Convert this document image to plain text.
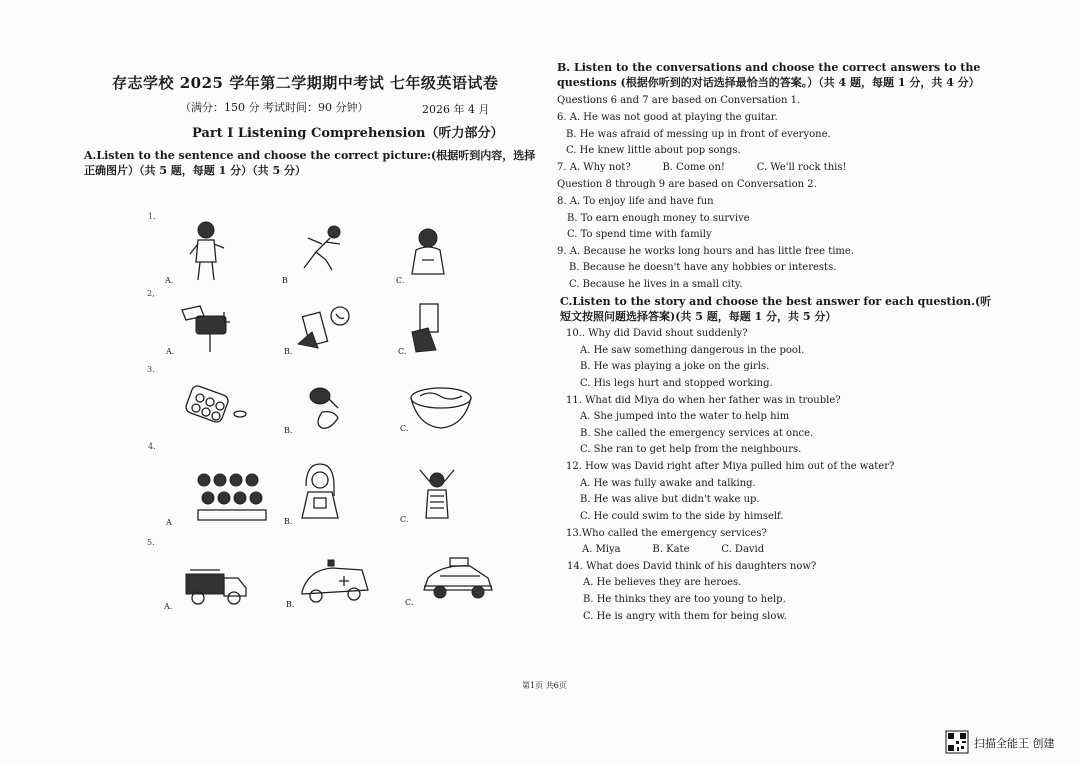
存志学校 2025 学年第二学期期中考试 七年级英语试卷
（满分：150 分 考试时间：90 分钟）	2026 年 4 月
Part I Listening Comprehension（听力部分）
A.Listen to the sentence and choose the correct picture:(根据听到内容，选择正确图片）（共 5 题，每题 1 分）（共 5 分）
1.
A.	B	C.
2,
A.	B.	C.
3.
B.	C.
4.
A	B.	C.
5.
A.	B.	C.
B. Listen to the conversations and choose the correct answers to the questions (根据你听到的对话选择最恰当的答案。）（共 4 题，每题 1 分，共 4 分）
Questions 6 and 7 are based on Conversation 1.
6. A. He was not good at playing the guitar.
B. He was afraid of messing up in front of everyone.
C. He knew little about pop songs.
7. A. Why not?          B. Come on!          C. We'll rock this!
Question 8 through 9 are based on Conversation 2.
8. A. To enjoy life and have fun
B. To earn enough money to survive
C. To spend time with family
9. A. Because he works long hours and has little free time.
B. Because he doesn't have any hobbies or interests.
C. Because he lives in a small city.
C.Listen to the story and choose the best answer for each question.(听短文按照问题选择答案)(共 5 题，每题 1 分，共 5 分）
10.. Why did David shout suddenly?
A. He saw something dangerous in the pool.
B. He was playing a joke on the girls.
C. His legs hurt and stopped working.
11. What did Miya do when her father was in trouble?
A. She jumped into the water to help him
B. She called the emergency services at once.
C. She ran to get help from the neighbours.
12. How was David right after Miya pulled him out of the water?
A. He was fully awake and talking.
B. He was alive but didn't wake up.
C. He could swim to the side by himself.
13.Who called the emergency services?
A. Miya          B. Kate          C. David
14. What does David think of his daughters now?
A. He believes they are heroes.
B. He thinks they are too young to help.
C. He is angry with them for being slow.
第1页 共6页
扫描全能王 创建
